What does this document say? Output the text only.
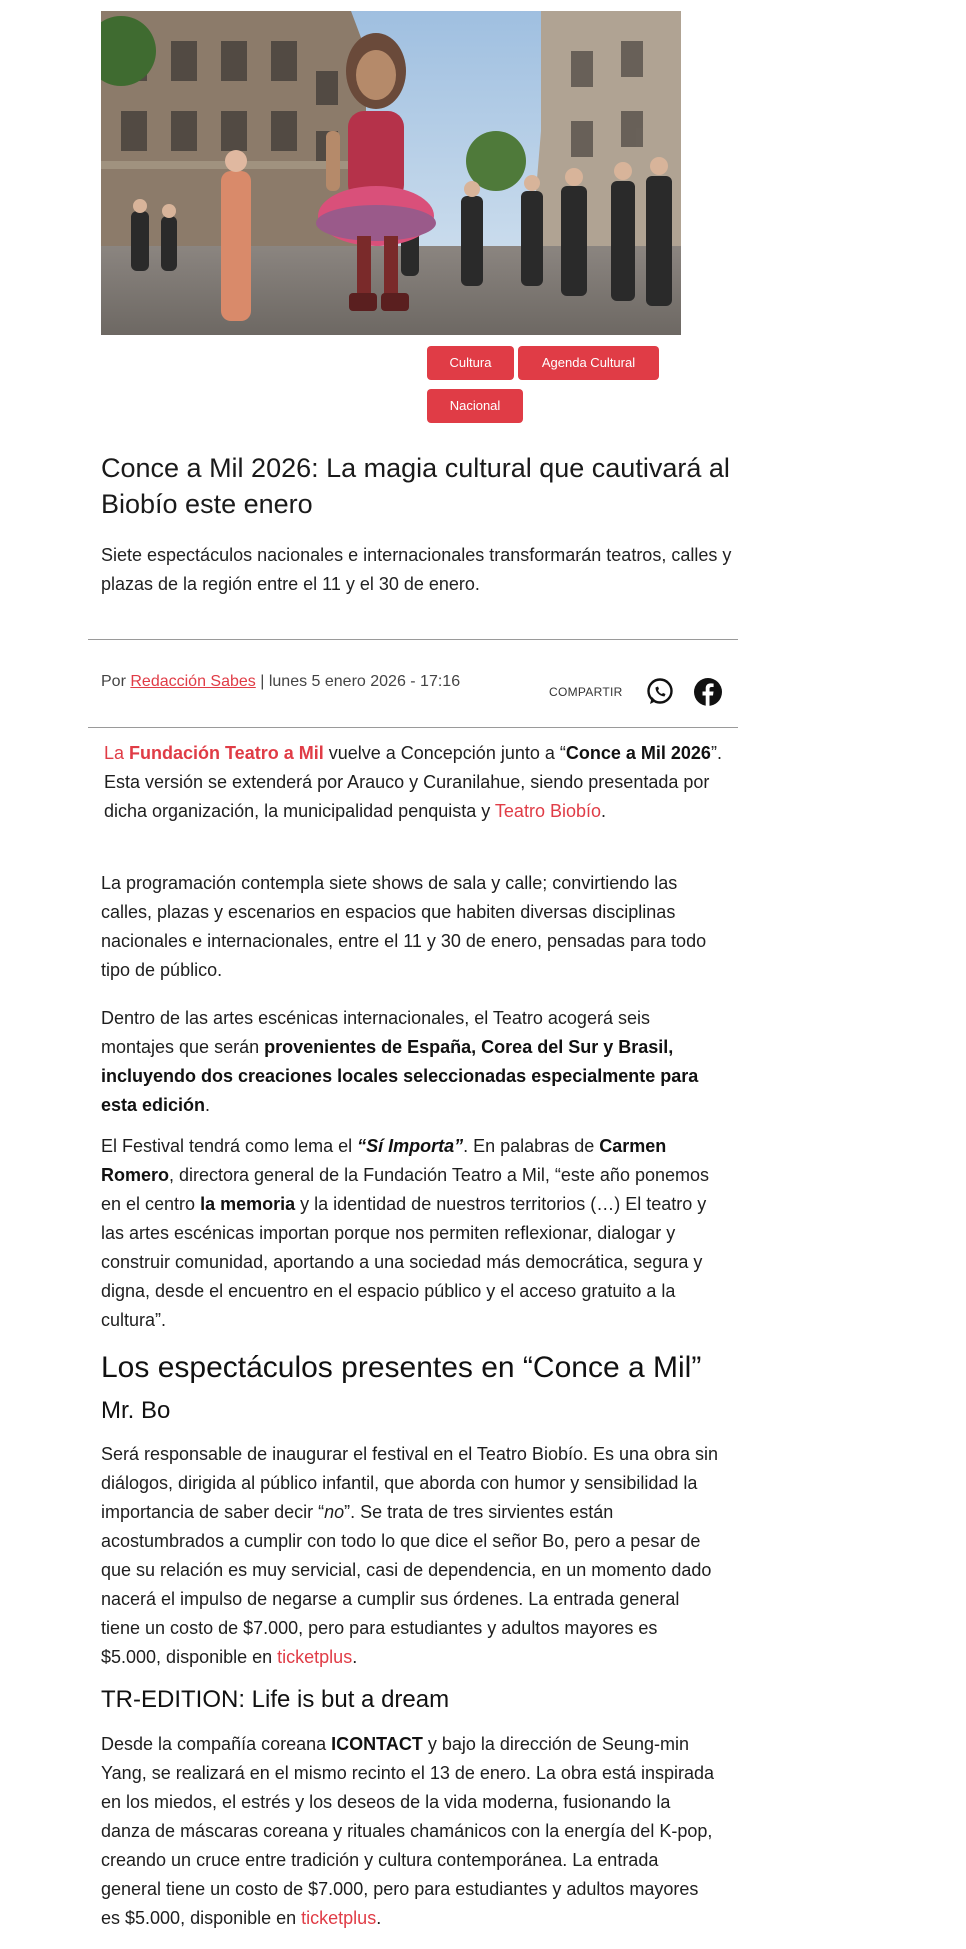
Cultura	Agenda Cultural
Nacional
Conce a Mil 2026: La magia cultural que cautivará al Biobío este enero

Siete espectáculos nacionales e internacionales transformarán teatros, calles y plazas de la región entre el 11 y el 30 de enero.

Por Redacción Sabes | lunes 5 enero 2026 - 17:16
COMPARTIR

La Fundación Teatro a Mil vuelve a Concepción junto a “Conce a Mil 2026”. Esta versión se extenderá por Arauco y Curanilahue, siendo presentada por dicha organización, la municipalidad penquista y Teatro Biobío.

La programación contempla siete shows de sala y calle; convirtiendo las calles, plazas y escenarios en espacios que habiten diversas disciplinas nacionales e internacionales, entre el 11 y 30 de enero, pensadas para todo tipo de público.

Dentro de las artes escénicas internacionales, el Teatro acogerá seis montajes que serán provenientes de España, Corea del Sur y Brasil, incluyendo dos creaciones locales seleccionadas especialmente para esta edición.

El Festival tendrá como lema el “Sí Importa”. En palabras de Carmen Romero, directora general de la Fundación Teatro a Mil, “este año ponemos en el centro la memoria y la identidad de nuestros territorios (…) El teatro y las artes escénicas importan porque nos permiten reflexionar, dialogar y construir comunidad, aportando a una sociedad más democrática, segura y digna, desde el encuentro en el espacio público y el acceso gratuito a la cultura”.

Los espectáculos presentes en “Conce a Mil”
Mr. Bo

Será responsable de inaugurar el festival en el Teatro Biobío. Es una obra sin diálogos, dirigida al público infantil, que aborda con humor y sensibilidad la importancia de saber decir “no”. Se trata de tres sirvientes están acostumbrados a cumplir con todo lo que dice el señor Bo, pero a pesar de que su relación es muy servicial, casi de dependencia, en un momento dado nacerá el impulso de negarse a cumplir sus órdenes. La entrada general tiene un costo de $7.000, pero para estudiantes y adultos mayores es $5.000, disponible en ticketplus.

TR-EDITION: Life is but a dream

Desde la compañía coreana ICONTACT y bajo la dirección de Seung-min Yang, se realizará en el mismo recinto el 13 de enero. La obra está inspirada en los miedos, el estrés y los deseos de la vida moderna, fusionando la danza de máscaras coreana y rituales chamánicos con la energía del K-pop, creando un cruce entre tradición y cultura contemporánea. La entrada general tiene un costo de $7.000, pero para estudiantes y adultos mayores es $5.000, disponible en ticketplus.
